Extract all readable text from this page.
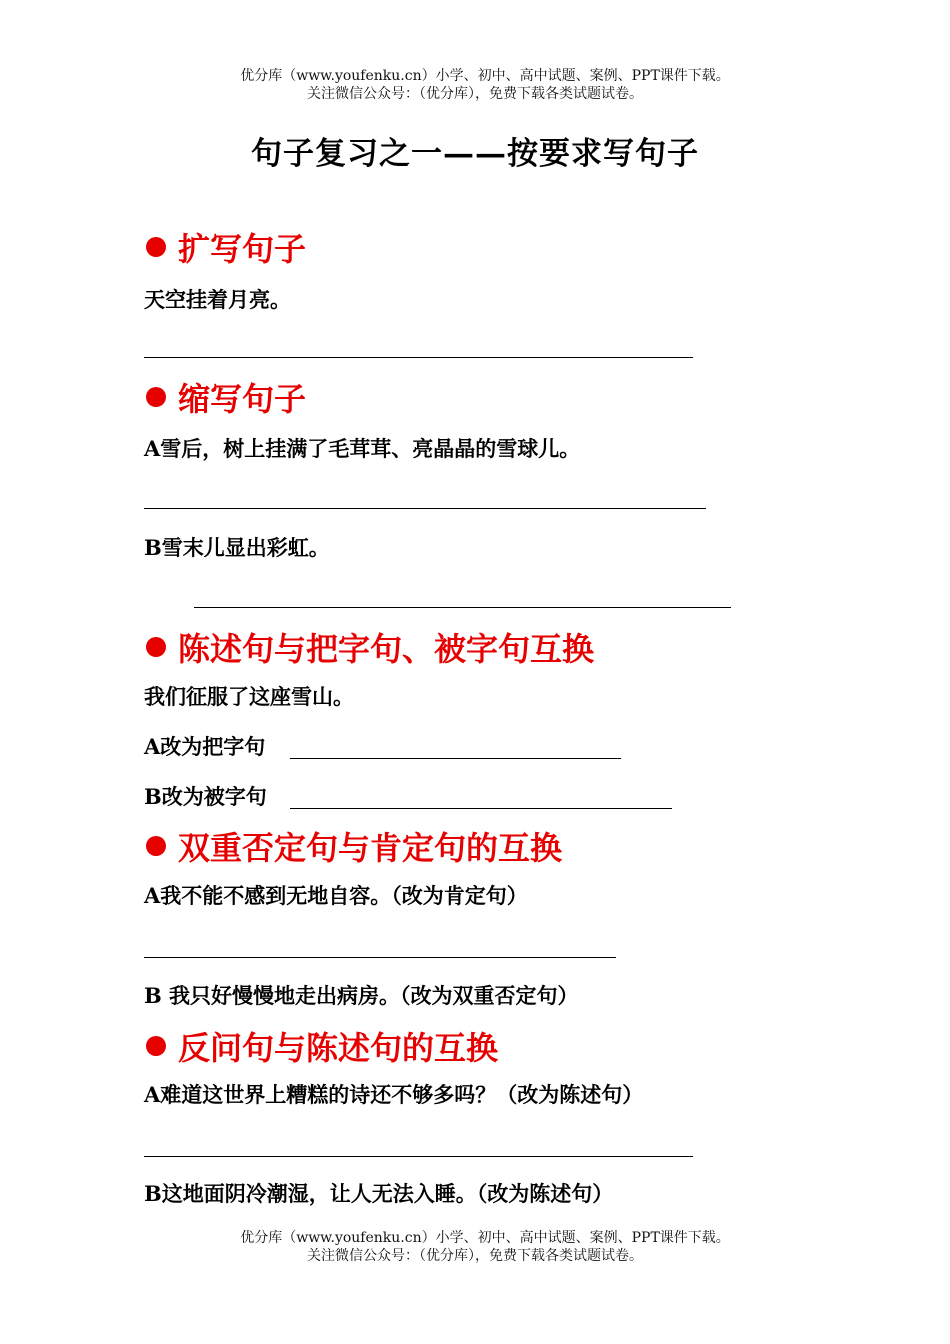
优分库（www.youfenku.cn）小学、初中、高中试题、案例、PPT课件下载。
关注微信公众号：（优分库），免费下载各类试题试卷。
句子复习之一——按要求写句子
扩写句子
天空挂着月亮。
缩写句子
A雪后，树上挂满了毛茸茸、亮晶晶的雪球儿。
B雪末儿显出彩虹。
陈述句与把字句、被字句互换
我们征服了这座雪山。
A改为把字句
B改为被字句
双重否定句与肯定句的互换
A我不能不感到无地自容。（改为肯定句）
B 我只好慢慢地走出病房。（改为双重否定句）
反问句与陈述句的互换
A难道这世界上糟糕的诗还不够多吗？（改为陈述句）
B这地面阴冷潮湿，让人无法入睡。（改为陈述句）
优分库（www.youfenku.cn）小学、初中、高中试题、案例、PPT课件下载。
关注微信公众号：（优分库），免费下载各类试题试卷。
